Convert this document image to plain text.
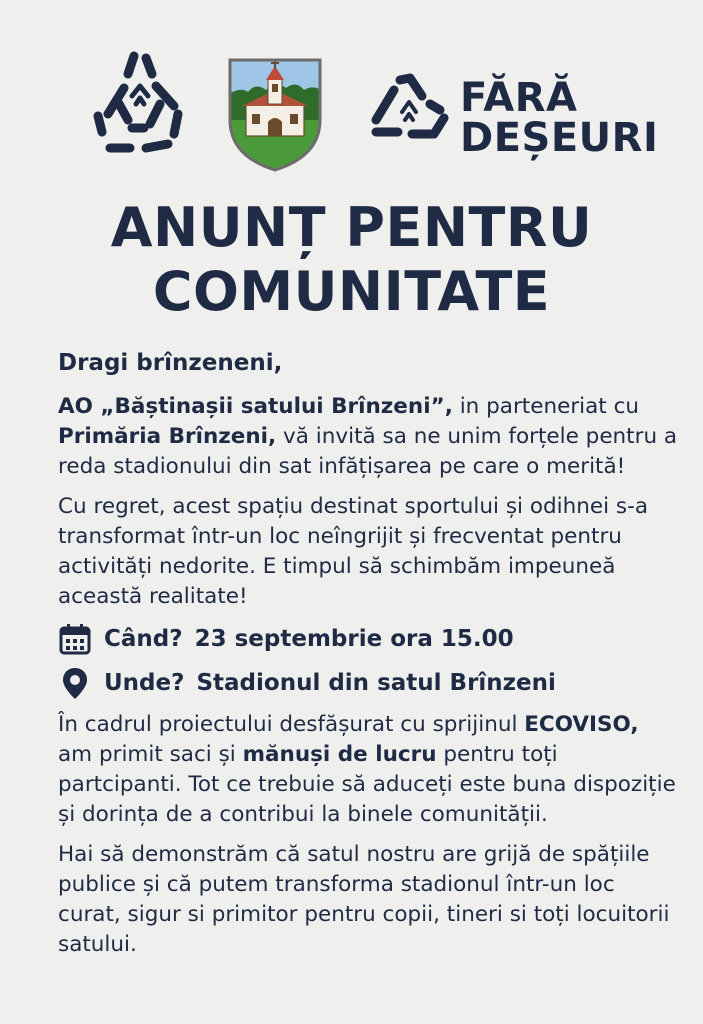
FĂRĂ
DEȘEURI
ANUNȚ PENTRU
COMUNITATE
Dragi brînzeneni,

AO „Băștinașii satului Brînzeni”, in parteneriat cu Primăria Brînzeni, vă invită sa ne unim forțele pentru a reda stadionului din sat infățișarea pe care o merită!

Cu regret, acest spațiu destinat sportului și odihnei s-a transformat într-un loc neîngrijit și frecventat pentru activități nedorite. E timpul să schimbăm impeuneă această realitate!

Când? 23 septembrie ora 15.00
Unde? Stadionul din satul Brînzeni

În cadrul proiectului desfășurat cu sprijinul ECOVISO, am primit saci și mănuși de lucru pentru toți partcipanti. Tot ce trebuie să aduceți este buna dispoziție și dorința de a contribui la binele comunității.

Hai să demonstrăm că satul nostru are grijă de spățiile publice și că putem transforma stadionul într-un loc curat, sigur si primitor pentru copii, tineri si toți locuitorii satului.
